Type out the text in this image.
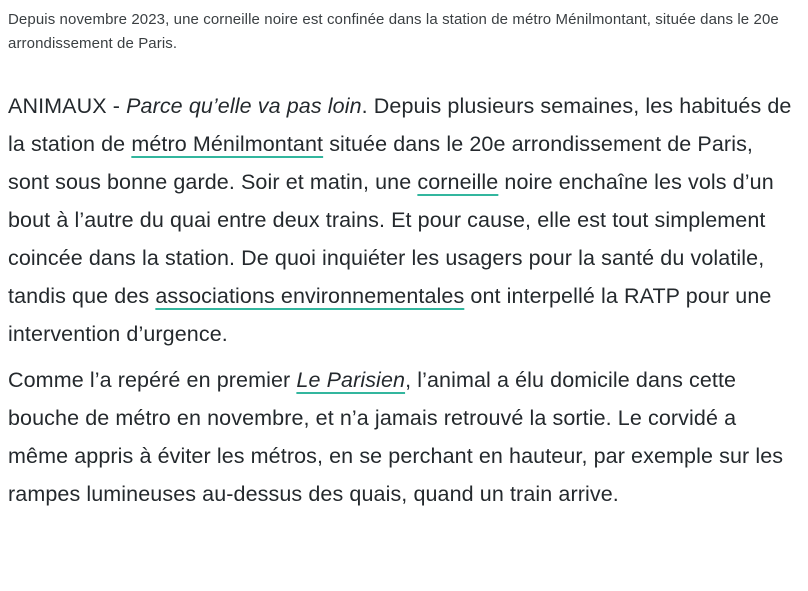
Depuis novembre 2023, une corneille noire est confinée dans la station de métro Ménilmontant, située dans le 20e arrondissement de Paris.

ANIMAUX - Parce qu’elle va pas loin. Depuis plusieurs semaines, les habitués de la station de métro Ménilmontant située dans le 20e arrondissement de Paris, sont sous bonne garde. Soir et matin, une corneille noire enchaîne les vols d’un bout à l’autre du quai entre deux trains. Et pour cause, elle est tout simplement coincée dans la station. De quoi inquiéter les usagers pour la santé du volatile, tandis que des associations environnementales ont interpellé la RATP pour une intervention d’urgence.

Comme l’a repéré en premier Le Parisien, l’animal a élu domicile dans cette bouche de métro en novembre, et n’a jamais retrouvé la sortie. Le corvidé a même appris à éviter les métros, en se perchant en hauteur, par exemple sur les rampes lumineuses au-dessus des quais, quand un train arrive.
